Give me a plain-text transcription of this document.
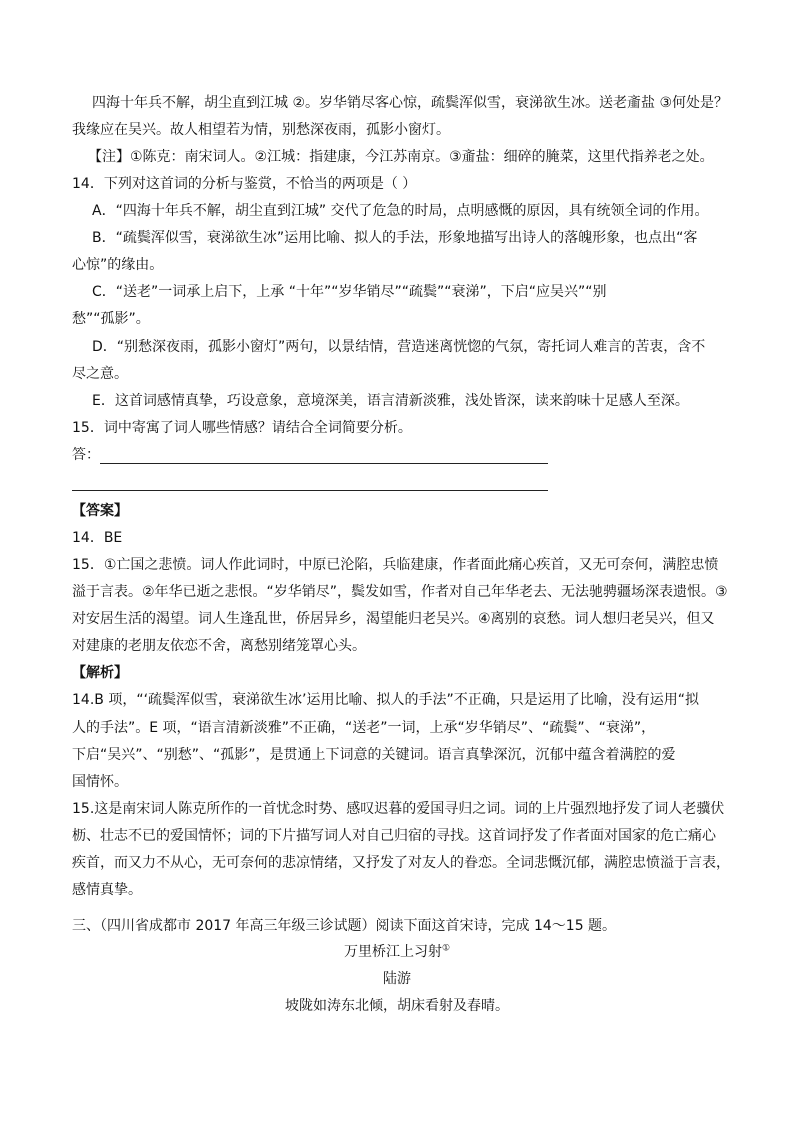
四海十年兵不解，胡尘直到江城 ②。岁华销尽客心惊，疏鬓浑似雪，衰涕欲生冰。送老齑盐 ③何处是？
我缘应在吴兴。故人相望若为情，别愁深夜雨，孤影小窗灯。
【注】①陈克：南宋词人。②江城：指建康，今江苏南京。③齑盐：细碎的腌菜，这里代指养老之处。
14．下列对这首词的分析与鉴赏，不恰当的两项是（ ）
A．“四海十年兵不解，胡尘直到江城” 交代了危急的时局，点明感慨的原因，具有统领全词的作用。
B．“疏鬓浑似雪，衰涕欲生冰”运用比喻、拟人的手法，形象地描写出诗人的落魄形象，也点出“客
心惊”的缘由。
C．“送老”一词承上启下，上承 “十年”“岁华销尽”“疏鬓”“衰涕”，下启“应吴兴”“别
愁”“孤影”。
D．“别愁深夜雨，孤影小窗灯”两句，以景结情，营造迷离恍惚的气氛，寄托词人难言的苦衷，含不
尽之意。
E．这首词感情真挚，巧设意象，意境深美，语言清新淡雅，浅处皆深，读来韵味十足感人至深。
15．词中寄寓了词人哪些情感？请结合全词简要分析。
答：
【答案】
14．BE
15．①亡国之悲愤。词人作此词时，中原已沦陷，兵临建康，作者面此痛心疾首，又无可奈何，满腔忠愤
溢于言表。②年华已逝之悲恨。“岁华销尽”，鬓发如雪，作者对自己年华老去、无法驰骋疆场深表遗恨。③
对安居生活的渴望。词人生逢乱世，侨居异乡，渴望能归老吴兴。④离别的哀愁。词人想归老吴兴，但又
对建康的老朋友依恋不舍，离愁别绪笼罩心头。
【解析】
14.B 项，“‘疏鬓浑似雪，衰涕欲生冰’运用比喻、拟人的手法”不正确，只是运用了比喻，没有运用“拟
人的手法”。E 项，“语言清新淡雅”不正确，“送老”一词，上承“岁华销尽”、“疏鬓”、“衰涕”，
下启“吴兴”、“别愁”、“孤影”，是贯通上下词意的关键词。语言真挚深沉，沉郁中蕴含着满腔的爱
国情怀。
15.这是南宋词人陈克所作的一首忧念时势、感叹迟暮的爱国寻归之词。词的上片强烈地抒发了词人老骥伏
枥、壮志不已的爱国情怀；词的下片描写词人对自己归宿的寻找。这首词抒发了作者面对国家的危亡痛心
疾首，而又力不从心，无可奈何的悲凉情绪，又抒发了对友人的眷恋。全词悲慨沉郁，满腔忠愤溢于言表，
感情真挚。
三、（四川省成都市 2017 年高三年级三诊试题）阅读下面这首宋诗，完成 14～15 题。
万里桥江上习射①
陆游
坡陇如涛东北倾，胡床看射及春晴。
